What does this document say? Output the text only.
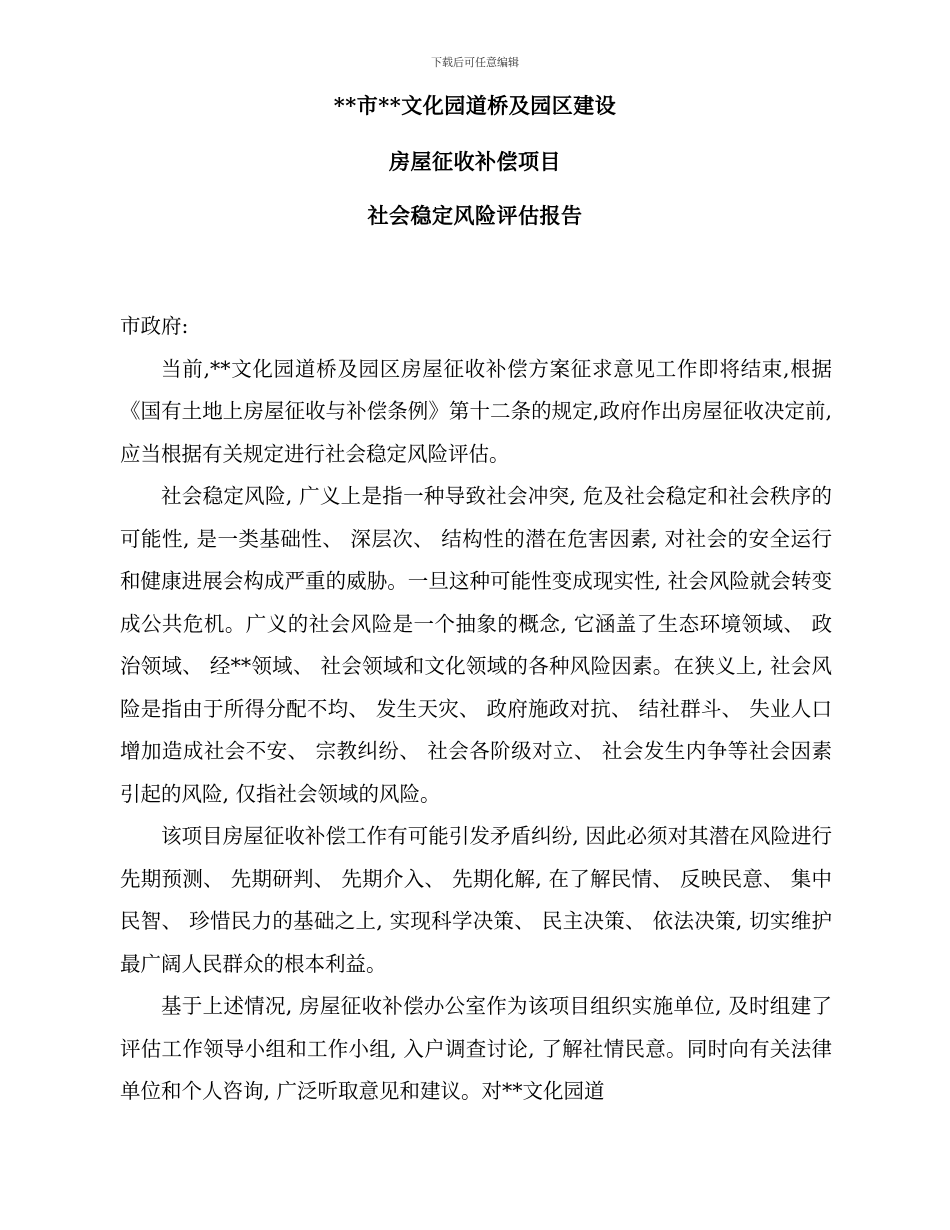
下载后可任意编辑
**市**文化园道桥及园区建设
房屋征收补偿项目
社会稳定风险评估报告

市政府:

当前,**文化园道桥及园区房屋征收补偿方案征求意见工作即将结束,根据《国有土地上房屋征收与补偿条例》第十二条的规定,政府作出房屋征收决定前, 应当根据有关规定进行社会稳定风险评估。

社会稳定风险, 广义上是指一种导致社会冲突, 危及社会稳定和社会秩序的可能性, 是一类基础性、 深层次、 结构性的潜在危害因素, 对社会的安全运行和健康进展会构成严重的威胁。一旦这种可能性变成现实性, 社会风险就会转变成公共危机。广义的社会风险是一个抽象的概念, 它涵盖了生态环境领域、 政治领域、 经**领域、 社会领域和文化领域的各种风险因素。在狭义上, 社会风险是指由于所得分配不均、 发生天灾、 政府施政对抗、 结社群斗、 失业人口增加造成社会不安、 宗教纠纷、 社会各阶级对立、 社会发生内争等社会因素引起的风险, 仅指社会领域的风险。

该项目房屋征收补偿工作有可能引发矛盾纠纷, 因此必须对其潜在风险进行先期预测、 先期研判、 先期介入、 先期化解, 在了解民情、 反映民意、 集中民智、 珍惜民力的基础之上, 实现科学决策、 民主决策、 依法决策, 切实维护最广阔人民群众的根本利益。

基于上述情况, 房屋征收补偿办公室作为该项目组织实施单位, 及时组建了评估工作领导小组和工作小组, 入户调查讨论, 了解社情民意。同时向有关法律单位和个人咨询, 广泛听取意见和建议。对**文化园道
